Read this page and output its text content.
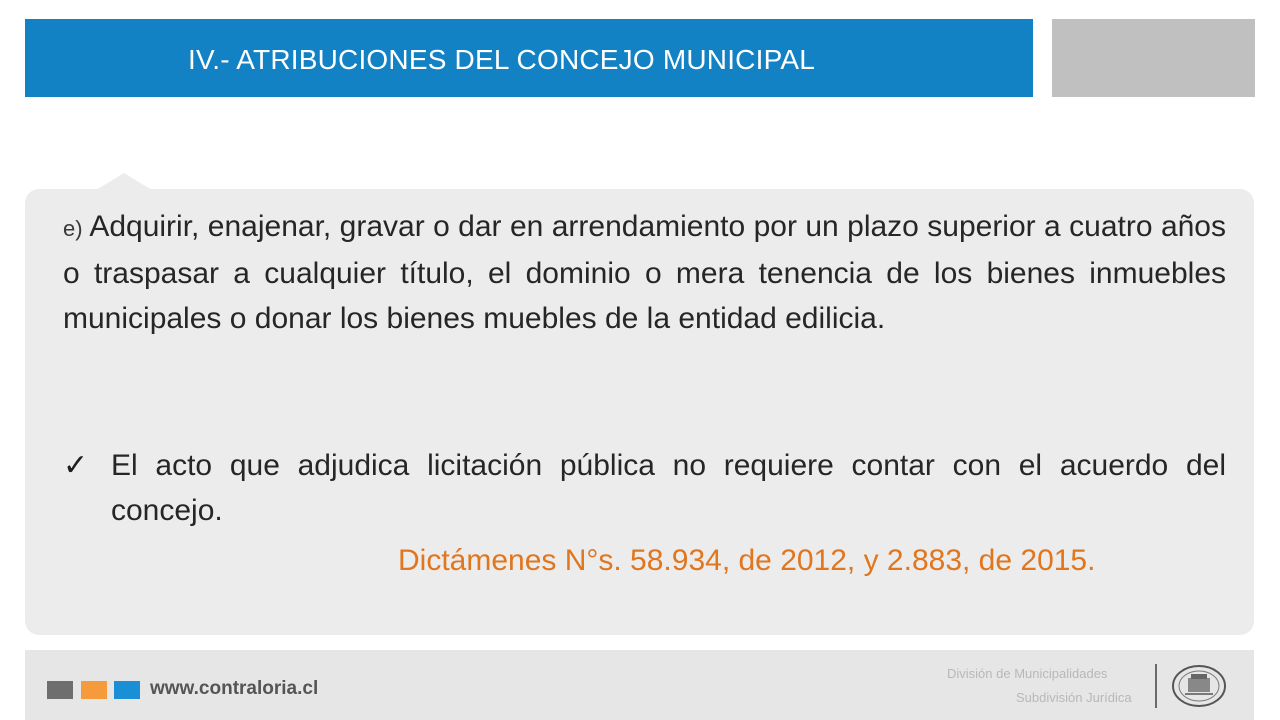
IV.- ATRIBUCIONES DEL CONCEJO MUNICIPAL
e) Adquirir, enajenar, gravar o dar en arrendamiento por un plazo superior a cuatro años o traspasar a cualquier título, el dominio o mera tenencia de los bienes inmuebles municipales o donar los bienes muebles de la entidad edilicia.
✓ El acto que adjudica licitación pública no requiere contar con el acuerdo del concejo.
Dictámenes N°s. 58.934, de 2012, y 2.883, de 2015.
www.contraloria.cl
División de Municipalidades
Subdivisión Jurídica
